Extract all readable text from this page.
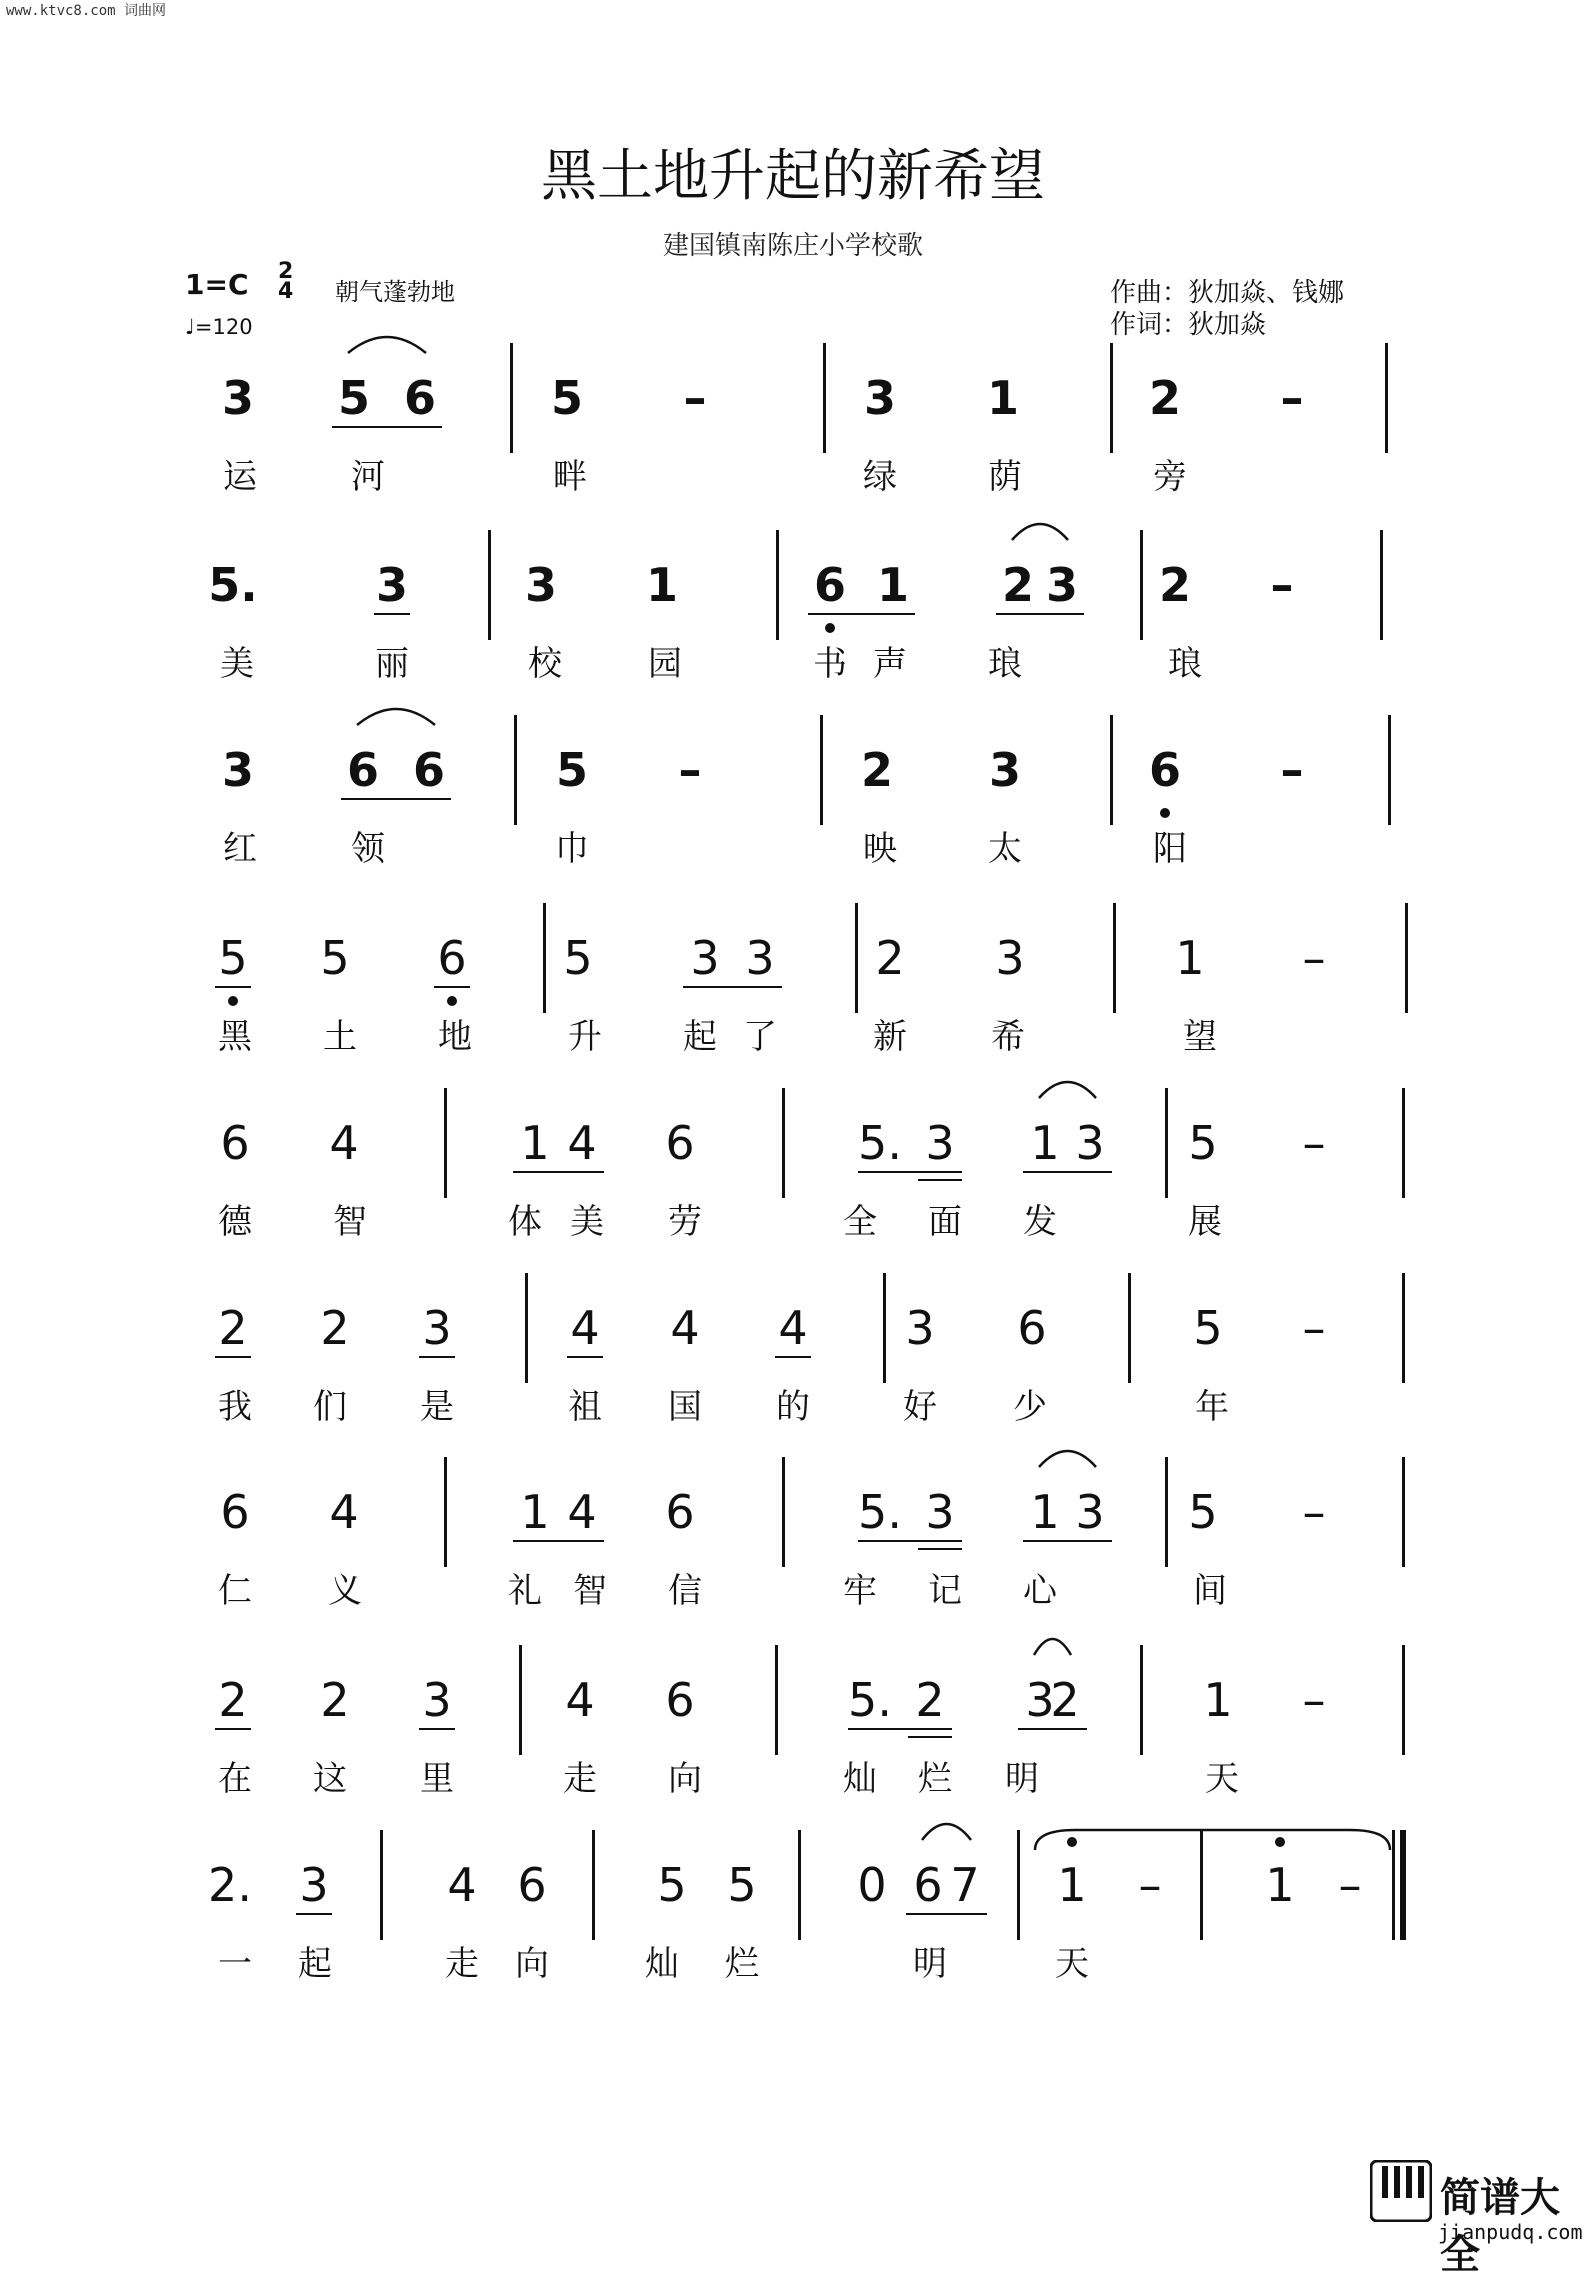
www.ktvc8.com 词曲网
黑土地升起的新希望
建国镇南陈庄小学校歌
1=C 2
4 朝气蓬勃地
♩=120
作曲：狄加焱、钱娜
作词：狄加焱
3 5 6 5 –	3 1	2 –
运	河	畔	绿	荫	旁
5.	3	3 1	6 1 2 3 2 –
美	丽	校	园	书 声 琅	琅
3 6 6 5 –	2 3	6 –
红	领	巾	映	太	阳
5 5 6 5 3 3 2 3	1 –
黑 土 地	升 起 了	新 希	望
6 4	1 4 6	5. 3 1 3 5 –
德 智	体 美 劳	全 面 发	展
2 2 3	4 4 4 3 6	5 –
我 们 是	祖 国 的	好 少	年
6 4	1 4 6	5. 3 1 3 5 –
仁 义	礼 智 信	牢 记 心	间
2 2 3 4 6	5. 2 3
2	1 –
在 这 里	走 向	灿 烂 明	天
2. 3	4 6 5 5 0 6 7 1 – 1 –
一 起	走 向	灿 烂	明	天
简谱大全
jianpudq.com
